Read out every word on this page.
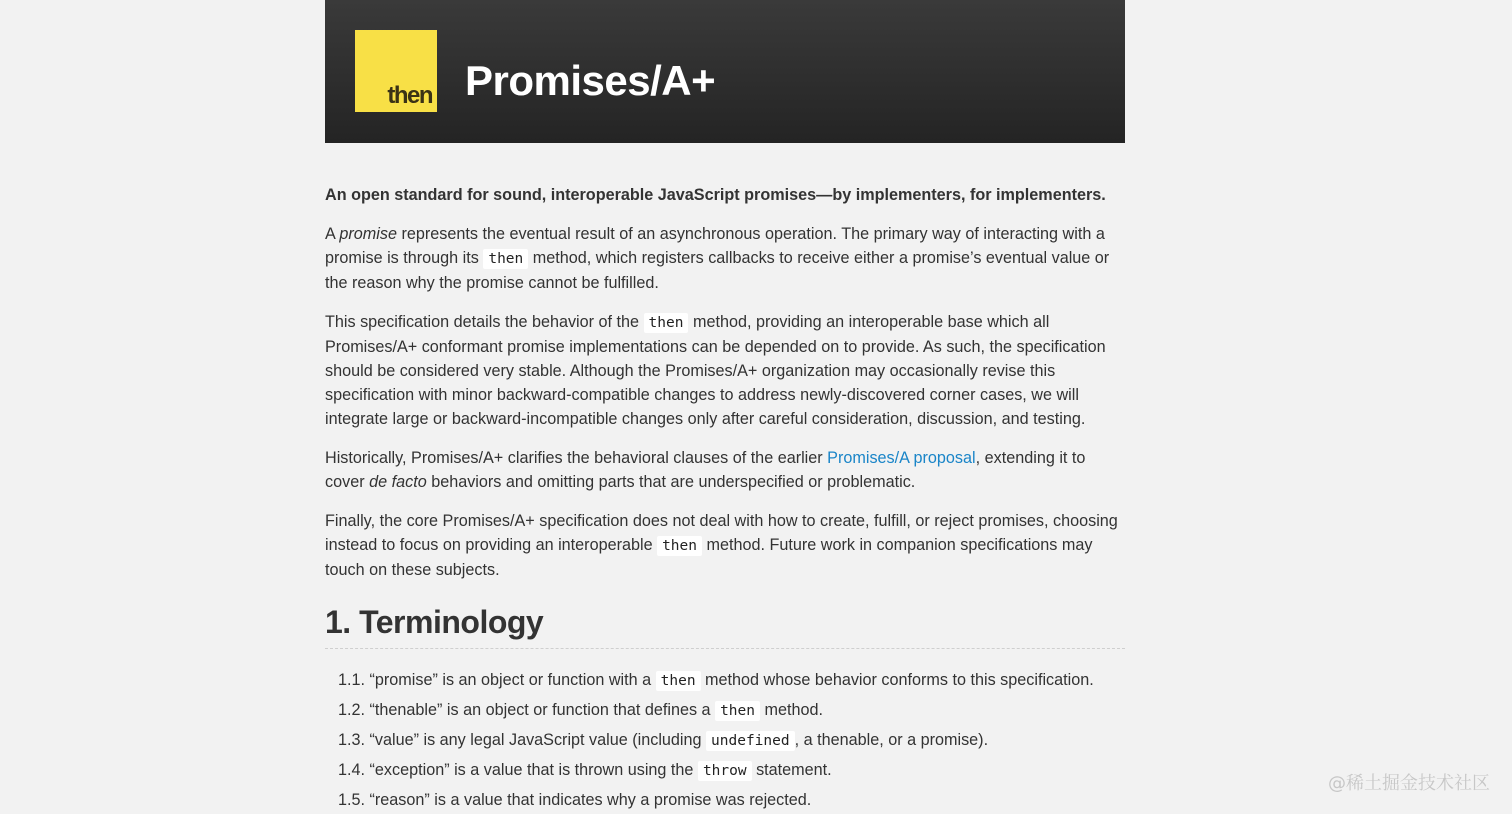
then Promises/A+

An open standard for sound, interoperable JavaScript promises—by implementers, for implementers.

A promise represents the eventual result of an asynchronous operation. The primary way of interacting with a promise is through its then method, which registers callbacks to receive either a promise’s eventual value or the reason why the promise cannot be fulfilled.

This specification details the behavior of the then method, providing an interoperable base which all Promises/A+ conformant promise implementations can be depended on to provide. As such, the specification should be considered very stable. Although the Promises/A+ organization may occasionally revise this specification with minor backward-compatible changes to address newly-discovered corner cases, we will integrate large or backward-incompatible changes only after careful consideration, discussion, and testing.

Historically, Promises/A+ clarifies the behavioral clauses of the earlier Promises/A proposal, extending it to cover de facto behaviors and omitting parts that are underspecified or problematic.

Finally, the core Promises/A+ specification does not deal with how to create, fulfill, or reject promises, choosing instead to focus on providing an interoperable then method. Future work in companion specifications may touch on these subjects.

1. Terminology
1.1. “promise” is an object or function with a then method whose behavior conforms to this specification.
1.2. “thenable” is an object or function that defines a then method.
1.3. “value” is any legal JavaScript value (including undefined , a thenable, or a promise).
1.4. “exception” is a value that is thrown using the throw statement.
1.5. “reason” is a value that indicates why a promise was rejected.
@稀土掘金技术社区
